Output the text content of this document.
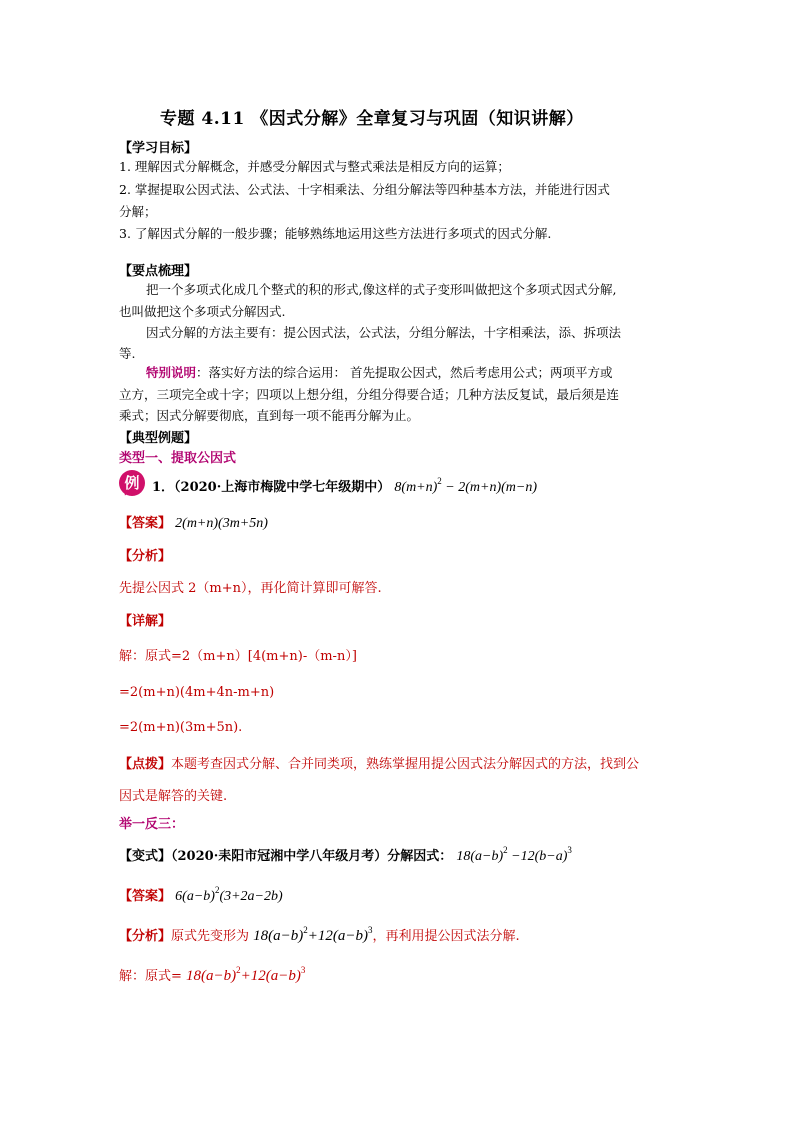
专题 4.11 《因式分解》全章复习与巩固（知识讲解）
【学习目标】
1. 理解因式分解概念，并感受分解因式与整式乘法是相反方向的运算；
2. 掌握提取公因式法、公式法、十字相乘法、分组分解法等四种基本方法，并能进行因式
分解；
3. 了解因式分解的一般步骤；能够熟练地运用这些方法进行多项式的因式分解.
【要点梳理】
把一个多项式化成几个整式的积的形式,像这样的式子变形叫做把这个多项式因式分解,
也叫做把这个多项式分解因式.
因式分解的方法主要有：提公因式法，公式法，分组分解法，十字相乘法，添、拆项法
等.
特别说明：落实好方法的综合运用： 首先提取公因式，然后考虑用公式；两项平方或
立方，三项完全或十字；四项以上想分组，分组分得要合适；几种方法反复试，最后须是连
乘式；因式分解要彻底，直到每一项不能再分解为止。
【典型例题】
类型一、提取公因式
例 1．（2020·上海市梅陇中学七年级期中） $8(m+n)^2 - 2(m+n)(m-n)$
【答案】 2(m+n)(3m+5n)
【分析】
先提公因式 2（m+n），再化简计算即可解答.
【详解】
解：原式=2（m+n）[4(m+n)-（m-n）]
=2(m+n)(4m+4n-m+n)
=2(m+n)(3m+5n).
【点拨】本题考查因式分解、合并同类项，熟练掌握用提公因式法分解因式的方法，找到公
因式是解答的关键.
举一反三：
【变式】（2020·耒阳市冠湘中学八年级月考）分解因式： $18(a-b)^2 -12(b-a)^3$
【答案】 $6(a-b)^2(3+2a-2b)$
【分析】原式先变形为 $18(a-b)^2+12(a-b)^3$，再利用提公因式法分解.
解：原式= $18(a-b)^2+12(a-b)^3$
